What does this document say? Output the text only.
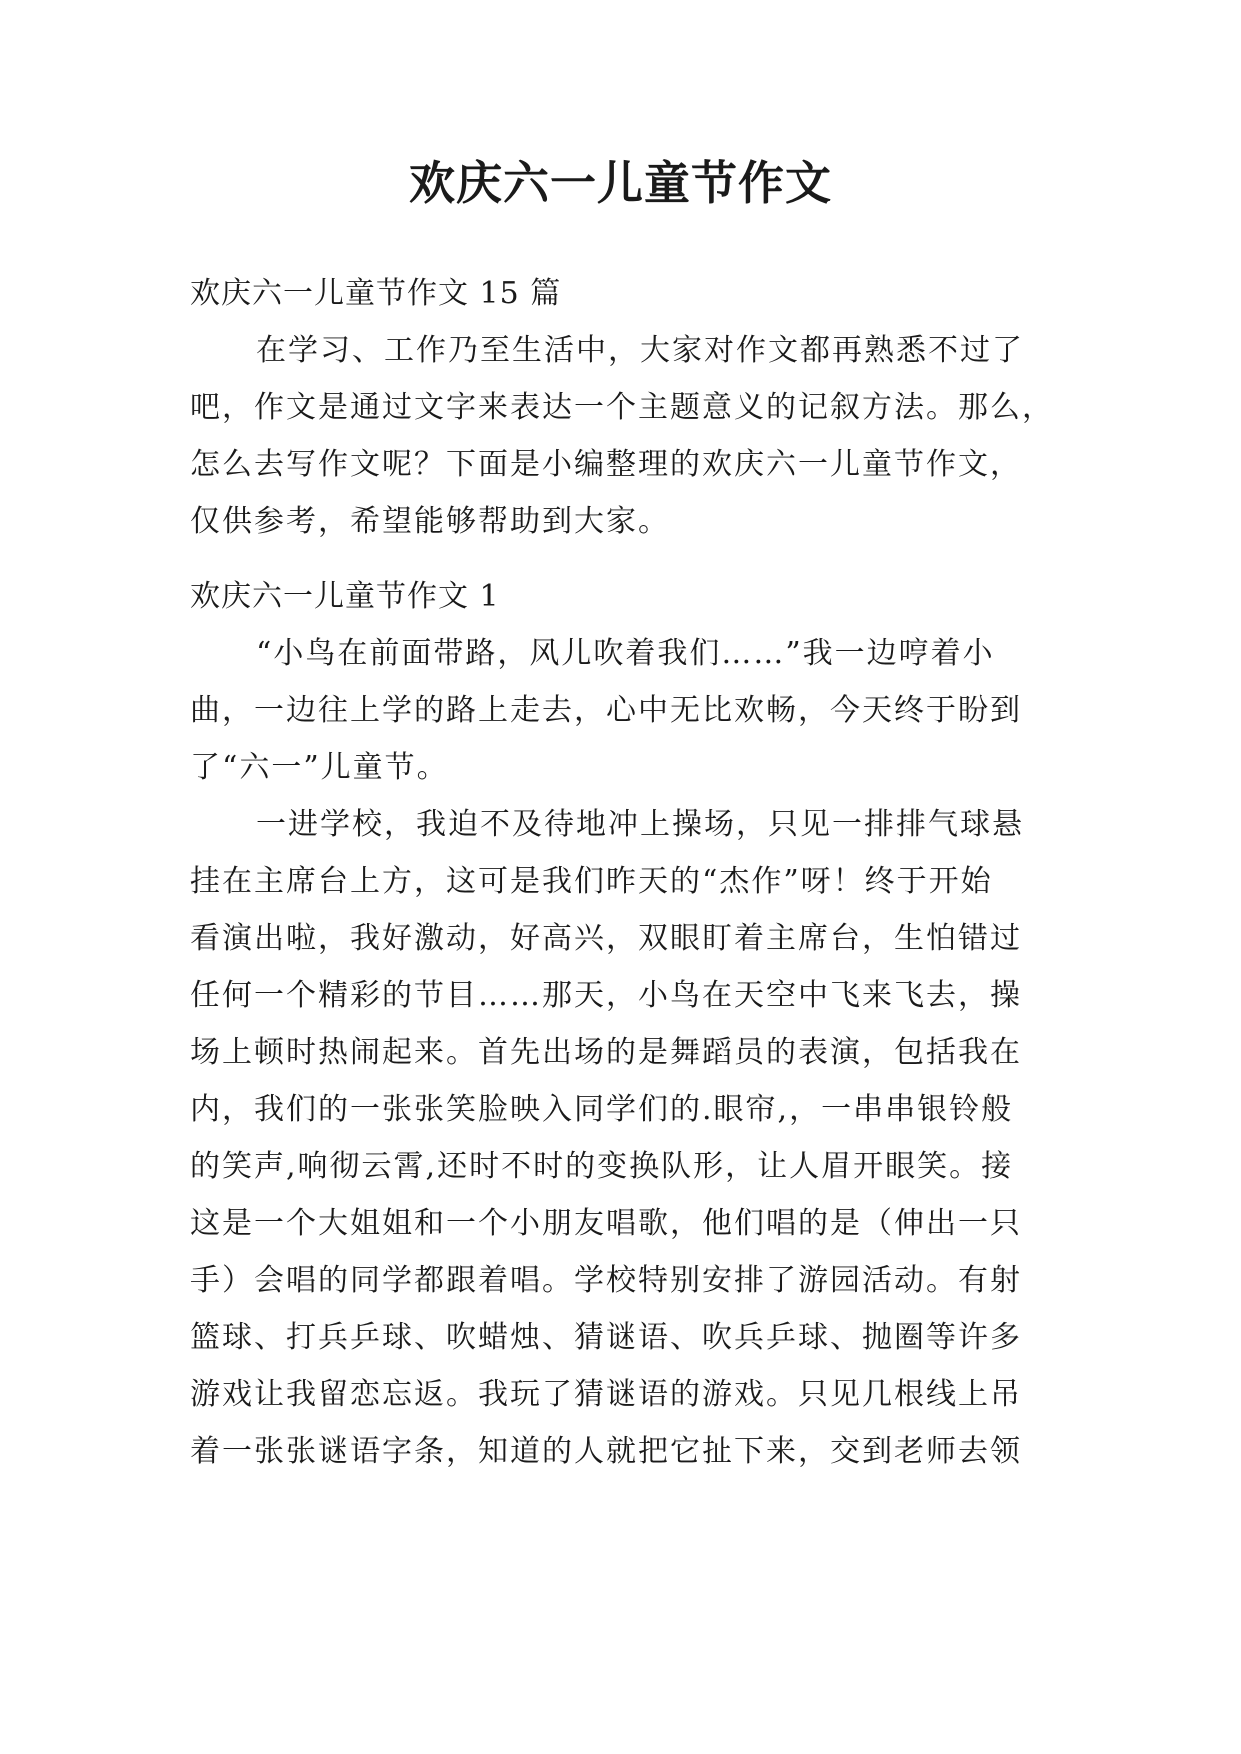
欢庆六一儿童节作文
欢庆六一儿童节作文 15 篇
在学习、工作乃至生活中，大家对作文都再熟悉不过了
吧，作文是通过文字来表达一个主题意义的记叙方法。那么，
怎么去写作文呢？下面是小编整理的欢庆六一儿童节作文，
仅供参考，希望能够帮助到大家。
欢庆六一儿童节作文 1
“小鸟在前面带路，风儿吹着我们……”我一边哼着小
曲，一边往上学的路上走去，心中无比欢畅，今天终于盼到
了“六一”儿童节。
一进学校，我迫不及待地冲上操场，只见一排排气球悬
挂在主席台上方，这可是我们昨天的“杰作”呀！终于开始
看演出啦，我好激动，好高兴，双眼盯着主席台，生怕错过
任何一个精彩的节目……那天，小鸟在天空中飞来飞去，操
场上顿时热闹起来。首先出场的是舞蹈员的表演，包括我在
内，我们的一张张笑脸映入同学们的.眼帘,，一串串银铃般
的笑声,响彻云霄,还时不时的变换队形，让人眉开眼笑。接
这是一个大姐姐和一个小朋友唱歌，他们唱的是（伸出一只
手）会唱的同学都跟着唱。学校特别安排了游园活动。有射
篮球、打兵乒球、吹蜡烛、猜谜语、吹兵乒球、抛圈等许多
游戏让我留恋忘返。我玩了猜谜语的游戏。只见几根线上吊
着一张张谜语字条，知道的人就把它扯下来，交到老师去领
